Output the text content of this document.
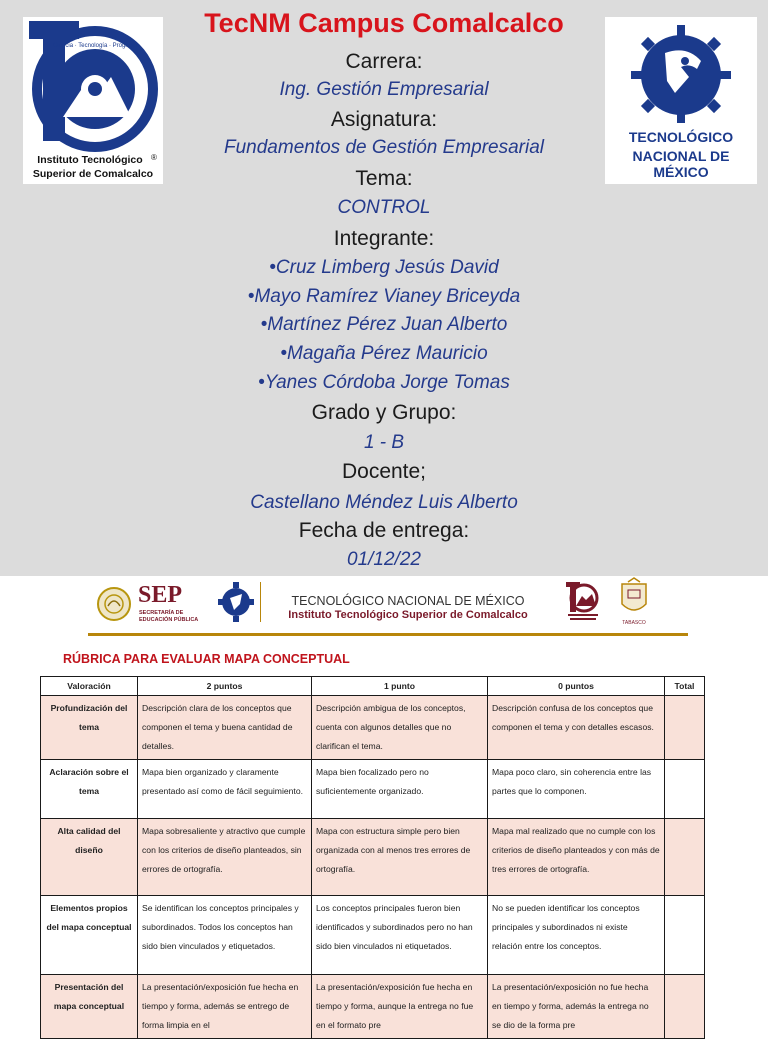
Ciencia · Tecnología · Progreso
®
Instituto Tecnológico
Superior de Comalcalco
TECNOLÓGICO
NACIONAL DE MÉXICO
TecNM Campus Comalcalco
Carrera:
Ing. Gestión Empresarial
Asignatura:
Fundamentos de Gestión Empresarial
Tema:
CONTROL
Integrante:
•Cruz Limberg Jesús David
•Mayo Ramírez Vianey Briceyda
•Martínez Pérez Juan Alberto
•Magaña Pérez Mauricio
•Yanes Córdoba Jorge Tomas
Grado y Grupo:
1 - B
Docente;
Castellano Méndez Luis Alberto
Fecha de entrega:
01/12/22
SEP
SECRETARÍA DE
EDUCACIÓN PÚBLICA
TECNOLÓGICO NACIONAL DE MÉXICO
Instituto Tecnológico Superior de Comalcalco
TABASCO
RÚBRICA PARA EVALUAR MAPA CONCEPTUAL
Valoración	2 puntos	1 punto	0 puntos	Total
Profundización del tema	Descripción clara de los conceptos que componen el tema y buena cantidad de detalles.	Descripción ambigua de los conceptos, cuenta con algunos detalles que no clarifican el tema.	Descripción confusa de los conceptos que componen el tema y con detalles escasos.	
Aclaración sobre el tema	Mapa bien organizado y claramente presentado así como de fácil seguimiento.	Mapa bien focalizado pero no suficientemente organizado.	Mapa poco claro, sin coherencia entre las partes que lo componen.	
Alta calidad del diseño	Mapa sobresaliente y atractivo que cumple con los criterios de diseño planteados, sin errores de ortografía.	Mapa con estructura simple pero bien organizada con al menos tres errores de ortografía.	Mapa mal realizado que no cumple con los criterios de diseño planteados y con más de tres errores de ortografía.	
Elementos propios del mapa conceptual	Se identifican los conceptos principales y subordinados. Todos los conceptos han sido bien vinculados y etiquetados.	Los conceptos principales fueron bien identificados y subordinados pero no han sido bien vinculados ni etiquetados.	No se pueden identificar los conceptos principales y subordinados ni existe relación entre los conceptos.	
Presentación del mapa conceptual	La presentación/exposición fue hecha en tiempo y forma, además se entrego de forma limpia en el	La presentación/exposición fue hecha en tiempo y forma, aunque la entrega no fue en el formato pre	La presentación/exposición no fue hecha en tiempo y forma, además la entrega no se dio de la forma pre	
